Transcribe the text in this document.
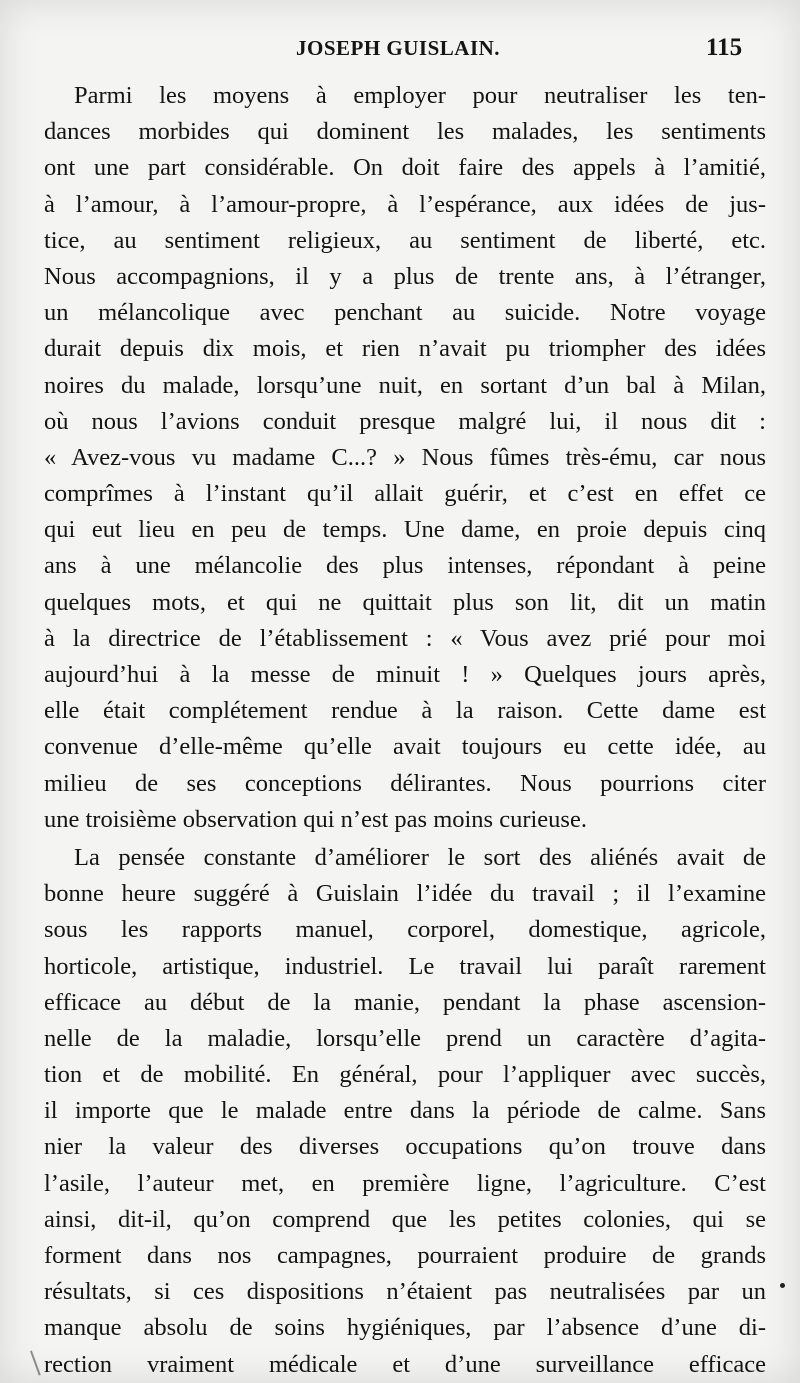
JOSEPH GUISLAIN.	115
Parmi les moyens à employer pour neutraliser les ten-
dances morbides qui dominent les malades, les sentiments
ont une part considérable. On doit faire des appels à l’amitié,
à l’amour, à l’amour-propre, à l’espérance, aux idées de jus-
tice, au sentiment religieux, au sentiment de liberté, etc.
Nous accompagnions, il y a plus de trente ans, à l’étranger,
un mélancolique avec penchant au suicide. Notre voyage
durait depuis dix mois, et rien n’avait pu triompher des idées
noires du malade, lorsqu’une nuit, en sortant d’un bal à Milan,
où nous l’avions conduit presque malgré lui, il nous dit :
« Avez-vous vu madame C...? » Nous fûmes très-ému, car nous
comprîmes à l’instant qu’il allait guérir, et c’est en effet ce
qui eut lieu en peu de temps. Une dame, en proie depuis cinq
ans à une mélancolie des plus intenses, répondant à peine
quelques mots, et qui ne quittait plus son lit, dit un matin
à la directrice de l’établissement : « Vous avez prié pour moi
aujourd’hui à la messe de minuit ! » Quelques jours après,
elle était complétement rendue à la raison. Cette dame est
convenue d’elle-même qu’elle avait toujours eu cette idée, au
milieu de ses conceptions délirantes. Nous pourrions citer
une troisième observation qui n’est pas moins curieuse.
La pensée constante d’améliorer le sort des aliénés avait de
bonne heure suggéré à Guislain l’idée du travail ; il l’examine
sous les rapports manuel, corporel, domestique, agricole,
horticole, artistique, industriel. Le travail lui paraît rarement
efficace au début de la manie, pendant la phase ascension-
nelle de la maladie, lorsqu’elle prend un caractère d’agita-
tion et de mobilité. En général, pour l’appliquer avec succès,
il importe que le malade entre dans la période de calme. Sans
nier la valeur des diverses occupations qu’on trouve dans
l’asile, l’auteur met, en première ligne, l’agriculture. C’est
ainsi, dit-il, qu’on comprend que les petites colonies, qui se
forment dans nos campagnes, pourraient produire de grands
résultats, si ces dispositions n’étaient pas neutralisées par un
manque absolu de soins hygiéniques, par l’absence d’une di-
rection vraiment médicale et d’une surveillance efficace
